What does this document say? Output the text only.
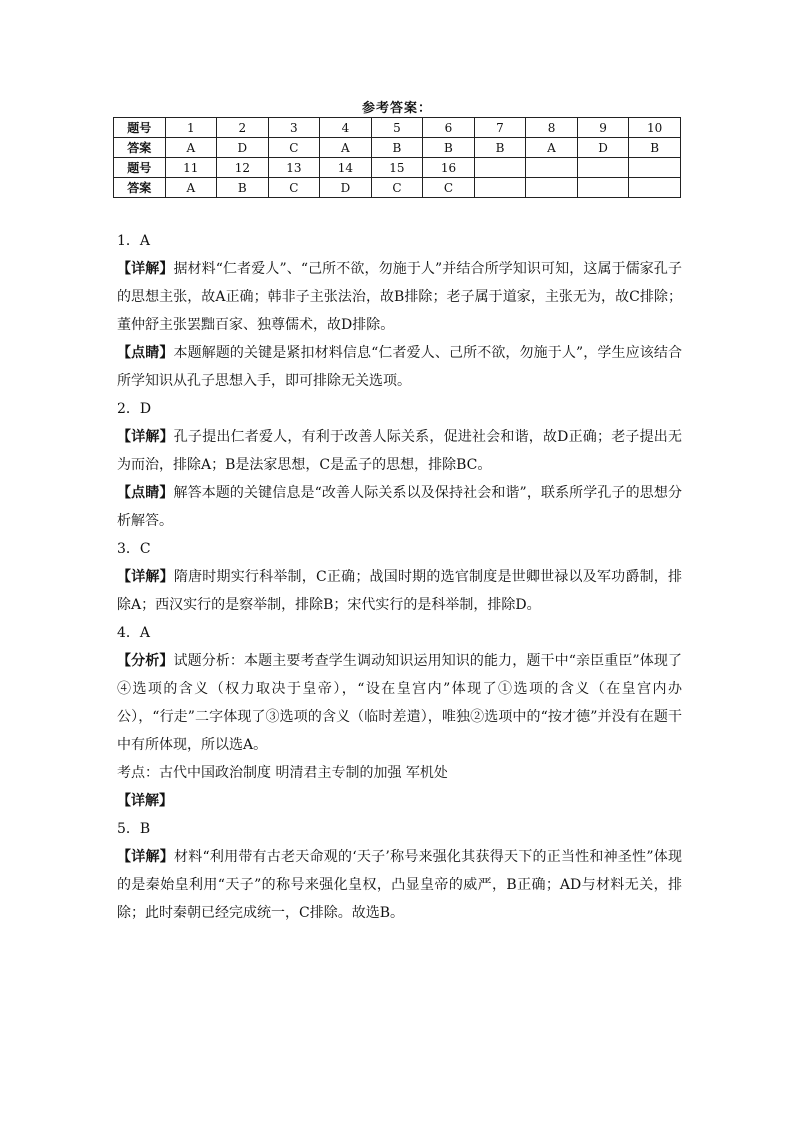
参考答案：
题号	1	2	3	4	5	6	7	8	9	10
答案	A	D	C	A	B	B	B	A	D	B
题号	11	12	13	14	15	16				
答案	A	B	C	D	C	C				

1．A

【详解】据材料“仁者爱人”、“己所不欲，勿施于人”并结合所学知识可知，这属于儒家孔子的思想主张，故A正确；韩非子主张法治，故B排除；老子属于道家，主张无为，故C排除；董仲舒主张罢黜百家、独尊儒术，故D排除。

【点睛】本题解题的关键是紧扣材料信息“仁者爱人、己所不欲，勿施于人”，学生应该结合所学知识从孔子思想入手，即可排除无关选项。

2．D

【详解】孔子提出仁者爱人，有利于改善人际关系，促进社会和谐，故D正确；老子提出无为而治，排除A；B是法家思想，C是孟子的思想，排除BC。

【点睛】解答本题的关键信息是“改善人际关系以及保持社会和谐”，联系所学孔子的思想分析解答。

3．C

【详解】隋唐时期实行科举制，C正确；战国时期的选官制度是世卿世禄以及军功爵制，排除A；西汉实行的是察举制，排除B；宋代实行的是科举制，排除D。

4．A

【分析】试题分析：本题主要考查学生调动知识运用知识的能力，题干中“亲臣重臣”体现了④选项的含义（权力取决于皇帝），“设在皇宫内”体现了①选项的含义（在皇宫内办公），“行走”二字体现了③选项的含义（临时差遣），唯独②选项中的“按才德”并没有在题干中有所体现，所以选A。

考点：古代中国政治制度 明清君主专制的加强 军机处

【详解】

5．B

【详解】材料“利用带有古老天命观的‘天子’称号来强化其获得天下的正当性和神圣性”体现的是秦始皇利用“天子”的称号来强化皇权，凸显皇帝的威严，B正确；AD与材料无关，排除；此时秦朝已经完成统一，C排除。故选B。
